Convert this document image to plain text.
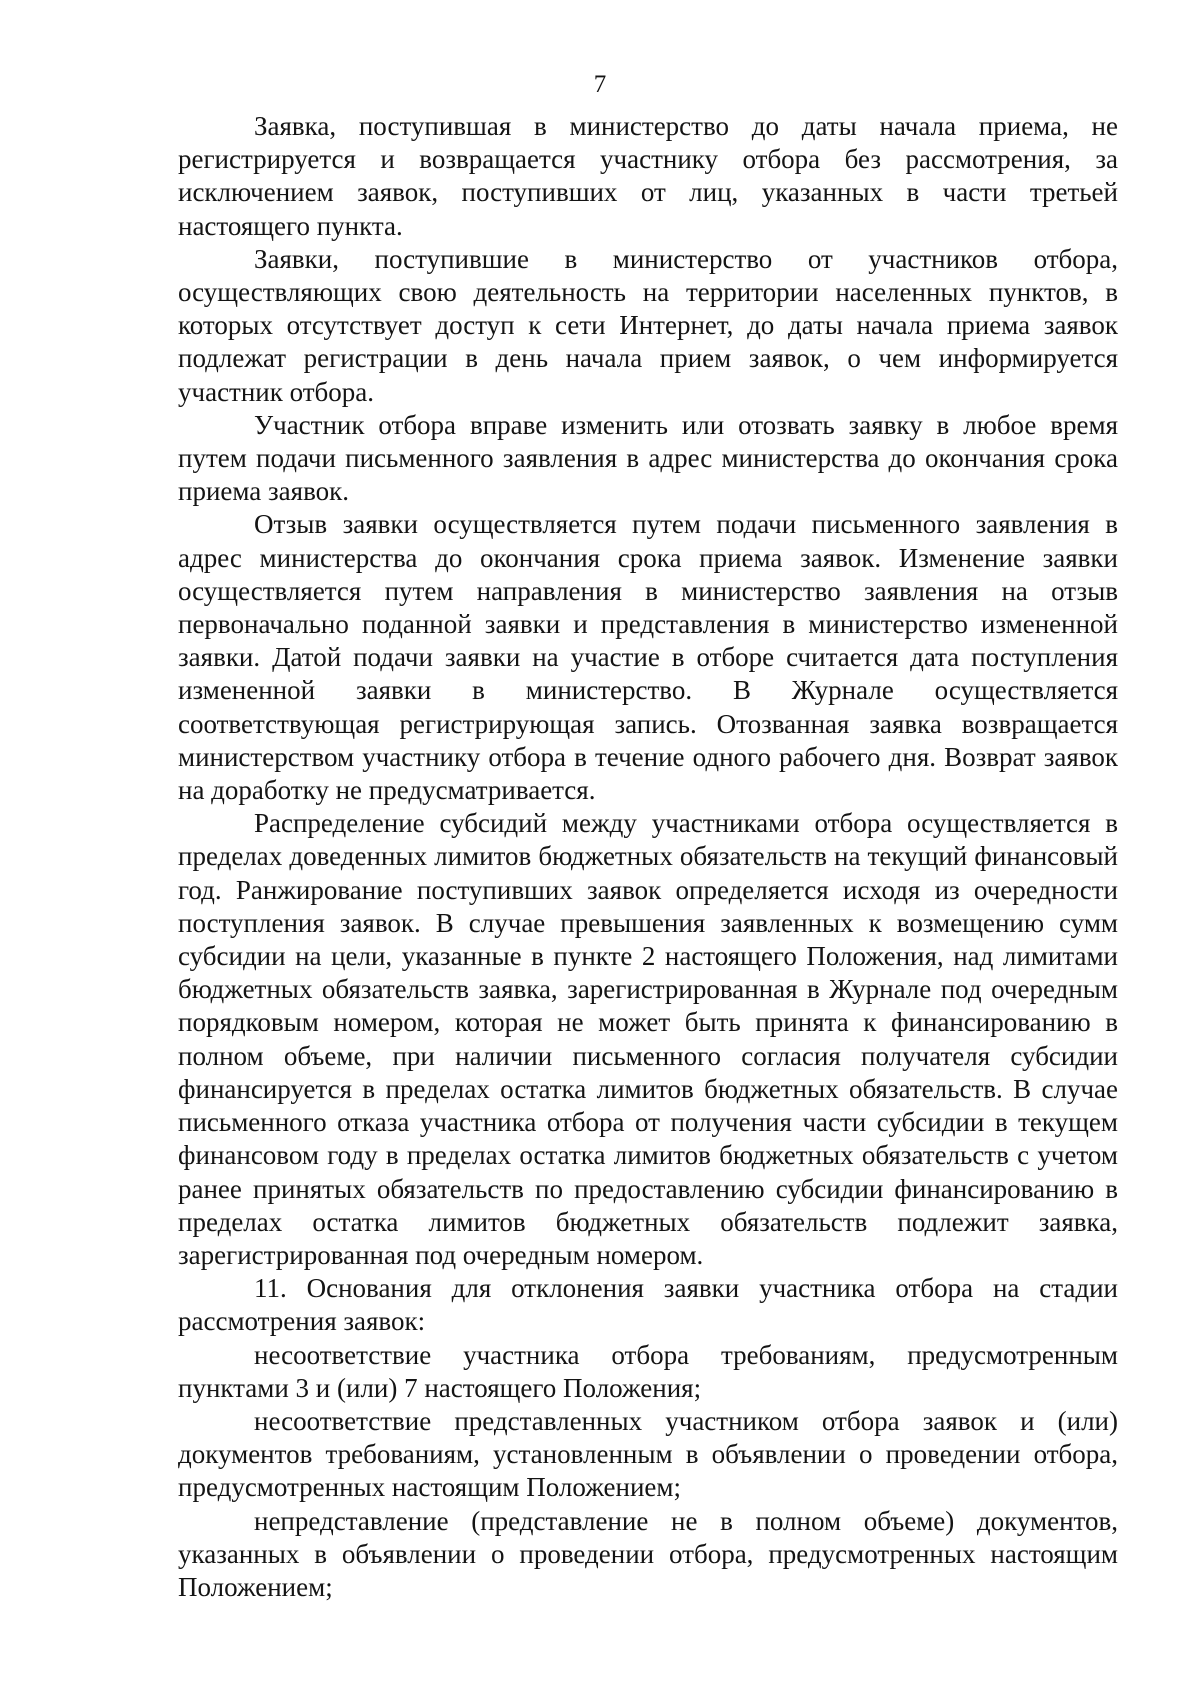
7

Заявка, поступившая в министерство до даты начала приема, не регистрируется и возвращается участнику отбора без рассмотрения, за исключением заявок, поступивших от лиц, указанных в части третьей настоящего пункта.

Заявки, поступившие в министерство от участников отбора, осуществляющих свою деятельность на территории населенных пунктов, в которых отсутствует доступ к сети Интернет, до даты начала приема заявок подлежат регистрации в день начала прием заявок, о чем информируется участник отбора.

Участник отбора вправе изменить или отозвать заявку в любое время путем подачи письменного заявления в адрес министерства до окончания срока приема заявок.

Отзыв заявки осуществляется путем подачи письменного заявления в адрес министерства до окончания срока приема заявок. Изменение заявки осуществляется путем направления в министерство заявления на отзыв первоначально поданной заявки и представления в министерство измененной заявки. Датой подачи заявки на участие в отборе считается дата поступления измененной заявки в министерство. В Журнале осуществляется соответствующая регистрирующая запись. Отозванная заявка возвращается министерством участнику отбора в течение одного рабочего дня. Возврат заявок на доработку не предусматривается.

Распределение субсидий между участниками отбора осуществляется в пределах доведенных лимитов бюджетных обязательств на текущий финансовый год. Ранжирование поступивших заявок определяется исходя из очередности поступления заявок. В случае превышения заявленных к возмещению сумм субсидии на цели, указанные в пункте 2 настоящего Положения, над лимитами бюджетных обязательств заявка, зарегистрированная в Журнале под очередным порядковым номером, которая не может быть принята к финансированию в полном объеме, при наличии письменного согласия получателя субсидии финансируется в пределах остатка лимитов бюджетных обязательств. В случае письменного отказа участника отбора от получения части субсидии в текущем финансовом году в пределах остатка лимитов бюджетных обязательств с учетом ранее принятых обязательств по предоставлению субсидии финансированию в пределах остатка лимитов бюджетных обязательств подлежит заявка, зарегистрированная под очередным номером.

11. Основания для отклонения заявки участника отбора на стадии рассмотрения заявок:

несоответствие участника отбора требованиям, предусмотренным пунктами 3 и (или) 7 настоящего Положения;

несоответствие представленных участником отбора заявок и (или) документов требованиям, установленным в объявлении о проведении отбора, предусмотренных настоящим Положением;

непредставление (представление не в полном объеме) документов, указанных в объявлении о проведении отбора, предусмотренных настоящим Положением;
